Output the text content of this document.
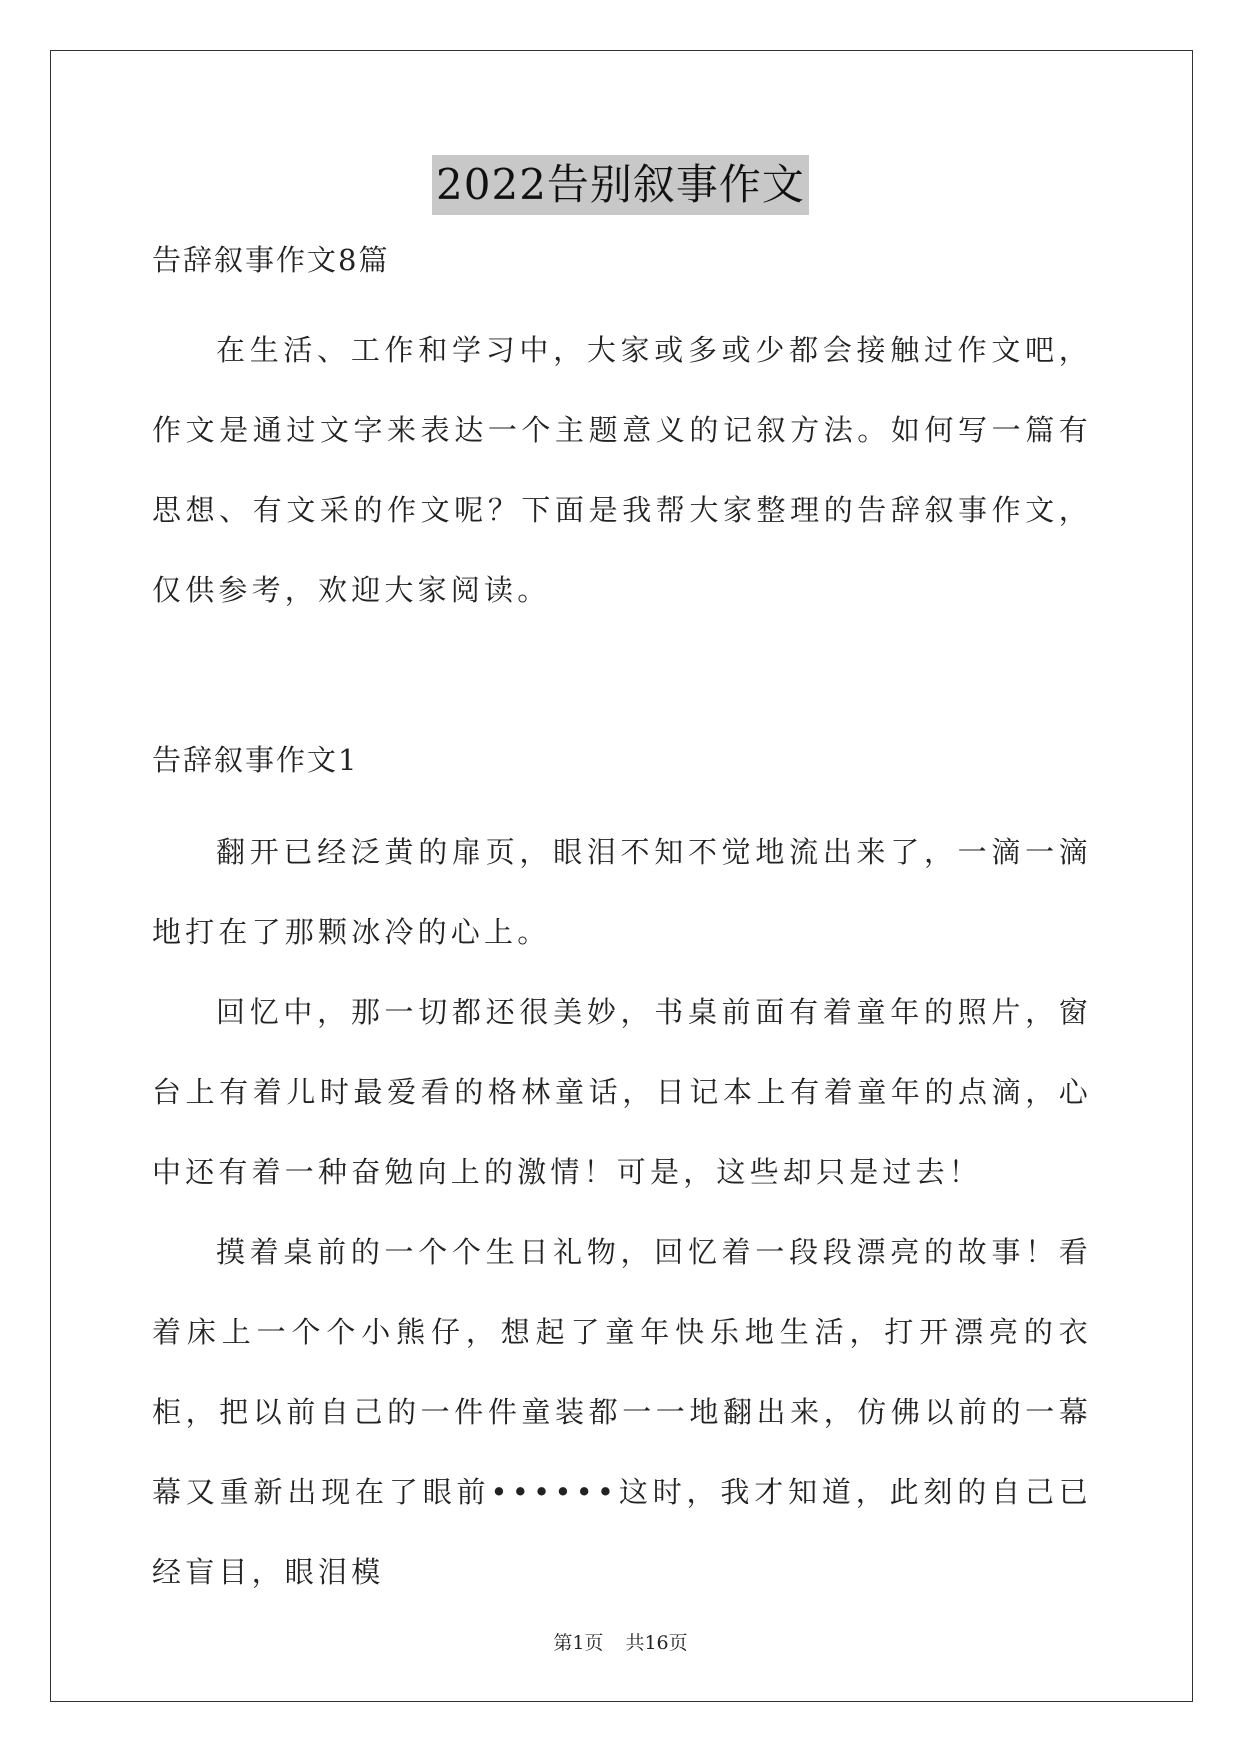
2022告别叙事作文

告辞叙事作文8篇

在生活、工作和学习中，大家或多或少都会接触过作文吧，作文是通过文字来表达一个主题意义的记叙方法。如何写一篇有思想、有文采的作文呢？下面是我帮大家整理的告辞叙事作文，仅供参考，欢迎大家阅读。

告辞叙事作文1

翻开已经泛黄的扉页，眼泪不知不觉地流出来了，一滴一滴地打在了那颗冰冷的心上。

回忆中，那一切都还很美妙，书桌前面有着童年的照片，窗台上有着儿时最爱看的格林童话，日记本上有着童年的点滴，心中还有着一种奋勉向上的激情！可是，这些却只是过去！

摸着桌前的一个个生日礼物，回忆着一段段漂亮的故事！看着床上一个个小熊仔，想起了童年快乐地生活，打开漂亮的衣柜，把以前自己的一件件童装都一一地翻出来，仿佛以前的一幕幕又重新出现在了眼前••••••这时，我才知道，此刻的自己已经盲目，眼泪模

第1页 共16页
